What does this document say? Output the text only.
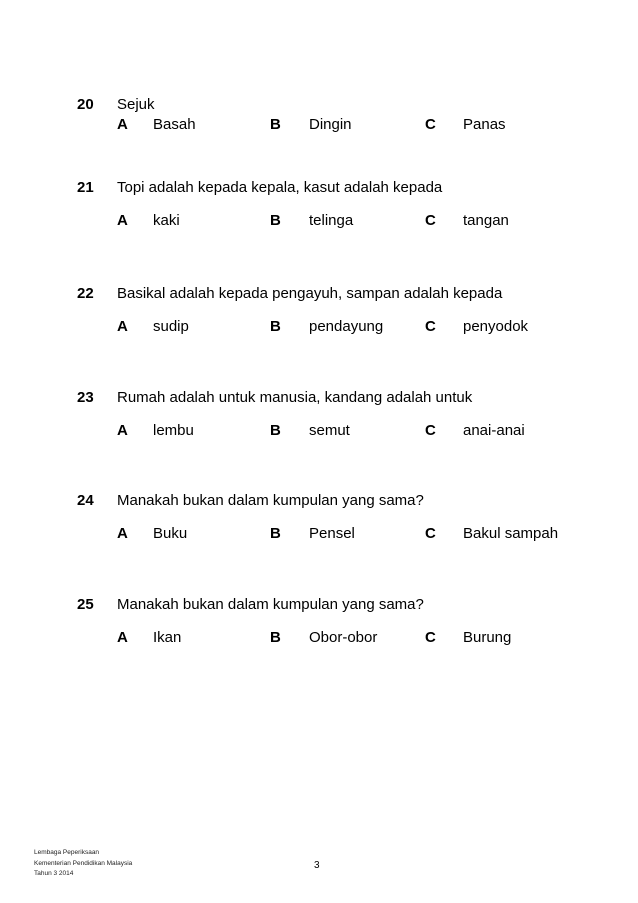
20 Sejuk
A Basah	B Dingin	C Panas
21 Topi adalah kepada kepala, kasut adalah kepada
A kaki	B telinga	C tangan
22 Basikal adalah kepada pengayuh, sampan adalah kepada
A sudip	B pendayung	C penyodok
23 Rumah adalah untuk manusia, kandang adalah untuk
A lembu	B semut	C anai-anai
24 Manakah bukan dalam kumpulan yang sama?
A Buku	B Pensel	C Bakul sampah
25 Manakah bukan dalam kumpulan yang sama?
A Ikan	B Obor-obor	C Burung
Lembaga Peperiksaan
Kementerian Pendidikan Malaysia
Tahun 3 2014
3
